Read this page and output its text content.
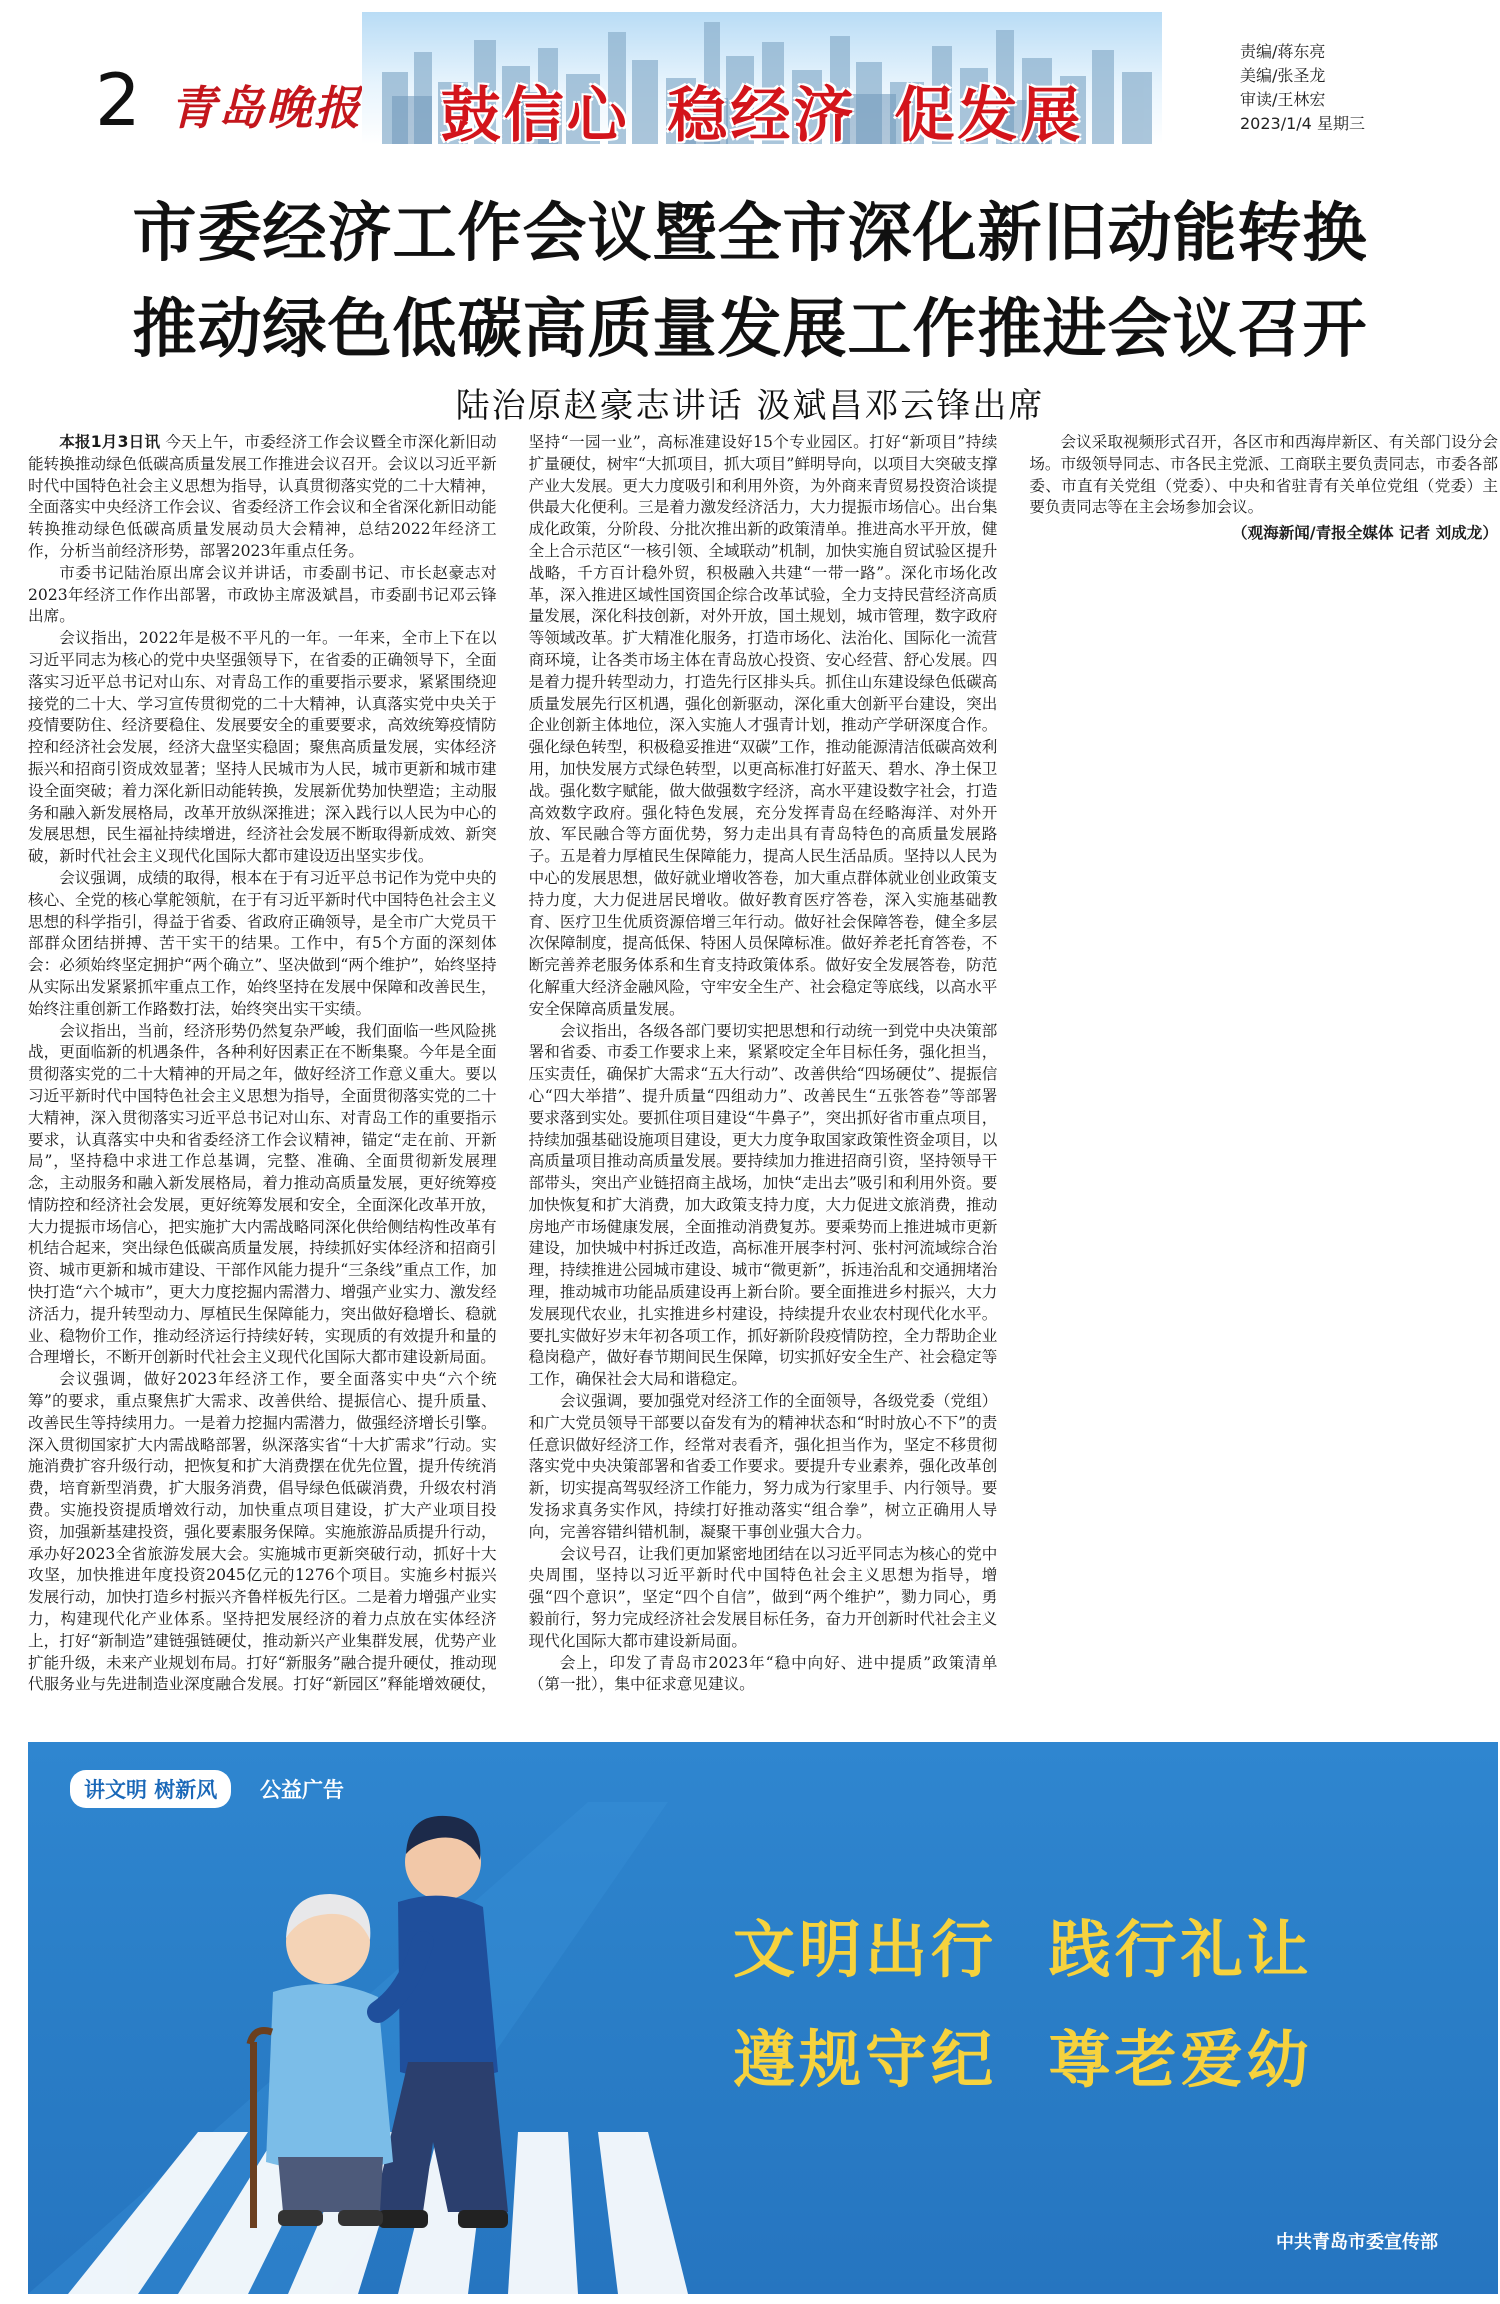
2 青岛晚报	鼓信心 稳经济 促发展
责编/蒋东亮
美编/张圣龙
审读/王林宏
2023/1/4 星期三
市委经济工作会议暨全市深化新旧动能转换
推动绿色低碳高质量发展工作推进会议召开
陆治原赵豪志讲话 汲斌昌邓云锋出席

本报1月3日讯 今天上午，市委经济工作会议暨全市深化新旧动能转换推动绿色低碳高质量发展工作推进会议召开。会议以习近平新时代中国特色社会主义思想为指导，认真贯彻落实党的二十大精神，全面落实中央经济工作会议、省委经济工作会议和全省深化新旧动能转换推动绿色低碳高质量发展动员大会精神，总结2022年经济工作，分析当前经济形势，部署2023年重点任务。

市委书记陆治原出席会议并讲话，市委副书记、市长赵豪志对2023年经济工作作出部署，市政协主席汲斌昌，市委副书记邓云锋出席。

会议指出，2022年是极不平凡的一年。一年来，全市上下在以习近平同志为核心的党中央坚强领导下，在省委的正确领导下，全面落实习近平总书记对山东、对青岛工作的重要指示要求，紧紧围绕迎接党的二十大、学习宣传贯彻党的二十大精神，认真落实党中央关于疫情要防住、经济要稳住、发展要安全的重要要求，高效统筹疫情防控和经济社会发展，经济大盘坚实稳固；聚焦高质量发展，实体经济振兴和招商引资成效显著；坚持人民城市为人民，城市更新和城市建设全面突破；着力深化新旧动能转换，发展新优势加快塑造；主动服务和融入新发展格局，改革开放纵深推进；深入践行以人民为中心的发展思想，民生福祉持续增进，经济社会发展不断取得新成效、新突破，新时代社会主义现代化国际大都市建设迈出坚实步伐。

会议强调，成绩的取得，根本在于有习近平总书记作为党中央的核心、全党的核心掌舵领航，在于有习近平新时代中国特色社会主义思想的科学指引，得益于省委、省政府正确领导，是全市广大党员干部群众团结拼搏、苦干实干的结果。工作中，有5个方面的深刻体会：必须始终坚定拥护“两个确立”、坚决做到“两个维护”，始终坚持从实际出发紧紧抓牢重点工作，始终坚持在发展中保障和改善民生，始终注重创新工作路数打法，始终突出实干实绩。

会议指出，当前，经济形势仍然复杂严峻，我们面临一些风险挑战，更面临新的机遇条件，各种利好因素正在不断集聚。今年是全面贯彻落实党的二十大精神的开局之年，做好经济工作意义重大。要以习近平新时代中国特色社会主义思想为指导，全面贯彻落实党的二十大精神，深入贯彻落实习近平总书记对山东、对青岛工作的重要指示要求，认真落实中央和省委经济工作会议精神，锚定“走在前、开新局”，坚持稳中求进工作总基调，完整、准确、全面贯彻新发展理念，主动服务和融入新发展格局，着力推动高质量发展，更好统筹疫情防控和经济社会发展，更好统筹发展和安全，全面深化改革开放，大力提振市场信心，把实施扩大内需战略同深化供给侧结构性改革有机结合起来，突出绿色低碳高质量发展，持续抓好实体经济和招商引资、城市更新和城市建设、干部作风能力提升“三条线”重点工作，加快打造“六个城市”，更大力度挖掘内需潜力、增强产业实力、激发经济活力，提升转型动力、厚植民生保障能力，突出做好稳增长、稳就业、稳物价工作，推动经济运行持续好转，实现质的有效提升和量的合理增长，不断开创新时代社会主义现代化国际大都市建设新局面。

会议强调，做好2023年经济工作，要全面落实中央“六个统筹”的要求，重点聚焦扩大需求、改善供给、提振信心、提升质量、改善民生等持续用力。一是着力挖掘内需潜力，做强经济增长引擎。深入贯彻国家扩大内需战略部署，纵深落实省“十大扩需求”行动。实施消费扩容升级行动，把恢复和扩大消费摆在优先位置，提升传统消费，培育新型消费，扩大服务消费，倡导绿色低碳消费，升级农村消费。实施投资提质增效行动，加快重点项目建设，扩大产业项目投资，加强新基建投资，强化要素服务保障。实施旅游品质提升行动，承办好2023全省旅游发展大会。实施城市更新突破行动，抓好十大攻坚，加快推进年度投资2045亿元的1276个项目。实施乡村振兴发展行动，加快打造乡村振兴齐鲁样板先行区。二是着力增强产业实力，构建现代化产业体系。坚持把发展经济的着力点放在实体经济上，打好“新制造”建链强链硬仗，推动新兴产业集群发展，优势产业扩能升级，未来产业规划布局。打好“新服务”融合提升硬仗，推动现代服务业与先进制造业深度融合发展。打好“新园区”释能增效硬仗，坚持“一园一业”，高标准建设好15个专业园区。打好“新项目”持续扩量硬仗，树牢“大抓项目，抓大项目”鲜明导向，以项目大突破支撑产业大发展。更大力度吸引和利用外资，为外商来青贸易投资洽谈提供最大化便利。三是着力激发经济活力，大力提振市场信心。出台集成化政策，分阶段、分批次推出新的政策清单。推进高水平开放，健全上合示范区“一核引领、全域联动”机制，加快实施自贸试验区提升战略，千方百计稳外贸，积极融入共建“一带一路”。深化市场化改革，深入推进区域性国资国企综合改革试验，全力支持民营经济高质量发展，深化科技创新，对外开放，国土规划，城市管理，数字政府等领域改革。扩大精准化服务，打造市场化、法治化、国际化一流营商环境，让各类市场主体在青岛放心投资、安心经营、舒心发展。四是着力提升转型动力，打造先行区排头兵。抓住山东建设绿色低碳高质量发展先行区机遇，强化创新驱动，深化重大创新平台建设，突出企业创新主体地位，深入实施人才强青计划，推动产学研深度合作。强化绿色转型，积极稳妥推进“双碳”工作，推动能源清洁低碳高效利用，加快发展方式绿色转型，以更高标准打好蓝天、碧水、净土保卫战。强化数字赋能，做大做强数字经济，高水平建设数字社会，打造高效数字政府。强化特色发展，充分发挥青岛在经略海洋、对外开放、军民融合等方面优势，努力走出具有青岛特色的高质量发展路子。五是着力厚植民生保障能力，提高人民生活品质。坚持以人民为中心的发展思想，做好就业增收答卷，加大重点群体就业创业政策支持力度，大力促进居民增收。做好教育医疗答卷，深入实施基础教育、医疗卫生优质资源倍增三年行动。做好社会保障答卷，健全多层次保障制度，提高低保、特困人员保障标准。做好养老托育答卷，不断完善养老服务体系和生育支持政策体系。做好安全发展答卷，防范化解重大经济金融风险，守牢安全生产、社会稳定等底线，以高水平安全保障高质量发展。

会议指出，各级各部门要切实把思想和行动统一到党中央决策部署和省委、市委工作要求上来，紧紧咬定全年目标任务，强化担当，压实责任，确保扩大需求“五大行动”、改善供给“四场硬仗”、提振信心“四大举措”、提升质量“四组动力”、改善民生“五张答卷”等部署要求落到实处。要抓住项目建设“牛鼻子”，突出抓好省市重点项目，持续加强基础设施项目建设，更大力度争取国家政策性资金项目，以高质量项目推动高质量发展。要持续加力推进招商引资，坚持领导干部带头，突出产业链招商主战场，加快“走出去”吸引和利用外资。要加快恢复和扩大消费，加大政策支持力度，大力促进文旅消费，推动房地产市场健康发展，全面推动消费复苏。要乘势而上推进城市更新建设，加快城中村拆迁改造，高标准开展李村河、张村河流域综合治理，持续推进公园城市建设、城市“微更新”，拆违治乱和交通拥堵治理，推动城市功能品质建设再上新台阶。要全面推进乡村振兴，大力发展现代农业，扎实推进乡村建设，持续提升农业农村现代化水平。要扎实做好岁末年初各项工作，抓好新阶段疫情防控，全力帮助企业稳岗稳产，做好春节期间民生保障，切实抓好安全生产、社会稳定等工作，确保社会大局和谐稳定。

会议强调，要加强党对经济工作的全面领导，各级党委（党组）和广大党员领导干部要以奋发有为的精神状态和“时时放心不下”的责任意识做好经济工作，经常对表看齐，强化担当作为，坚定不移贯彻落实党中央决策部署和省委工作要求。要提升专业素养，强化改革创新，切实提高驾驭经济工作能力，努力成为行家里手、内行领导。要发扬求真务实作风，持续打好推动落实“组合拳”，树立正确用人导向，完善容错纠错机制，凝聚干事创业强大合力。

会议号召，让我们更加紧密地团结在以习近平同志为核心的党中央周围，坚持以习近平新时代中国特色社会主义思想为指导，增强“四个意识”，坚定“四个自信”，做到“两个维护”，勠力同心，勇毅前行，努力完成经济社会发展目标任务，奋力开创新时代社会主义现代化国际大都市建设新局面。

会上，印发了青岛市2023年“稳中向好、进中提质”政策清单（第一批），集中征求意见建议。

会议采取视频形式召开，各区市和西海岸新区、有关部门设分会场。市级领导同志、市各民主党派、工商联主要负责同志，市委各部委、市直有关党组（党委）、中央和省驻青有关单位党组（党委）主要负责同志等在主会场参加会议。

（观海新闻/青报全媒体 记者 刘成龙）
讲文明 树新风	公益广告
文明出行 践行礼让
遵规守纪 尊老爱幼
中共青岛市委宣传部
